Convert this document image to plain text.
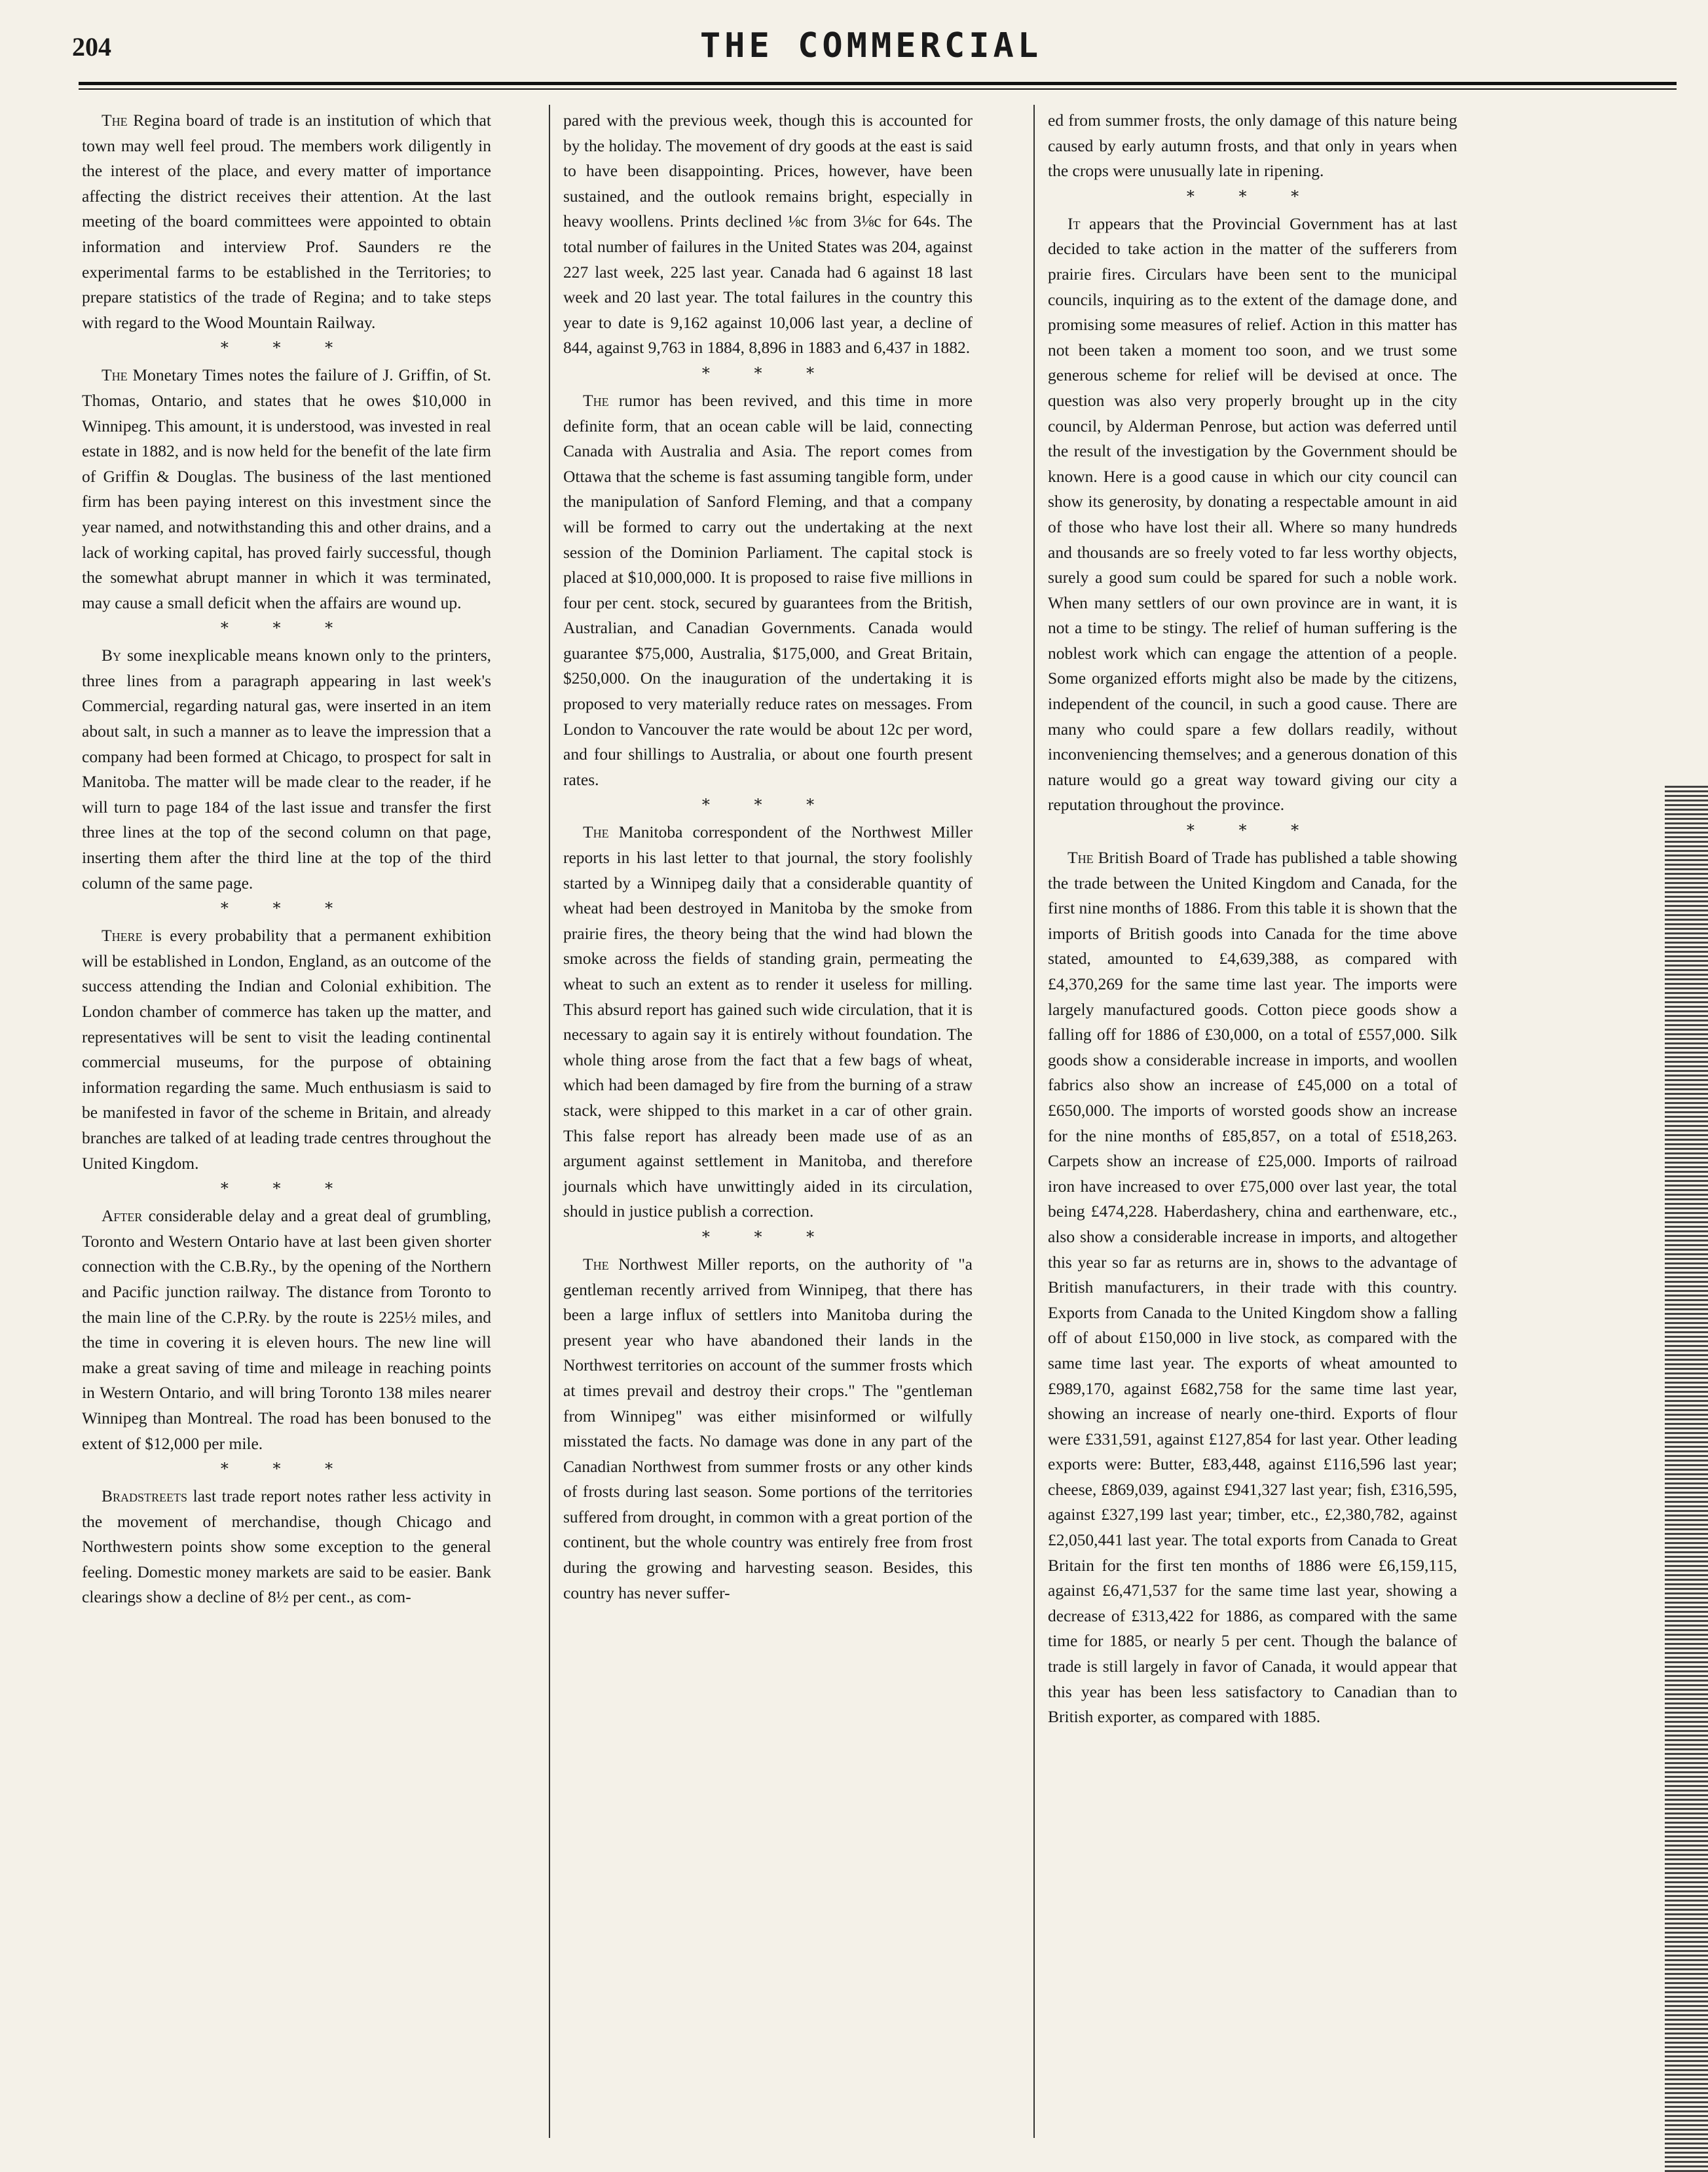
204	THE COMMERCIAL

The Regina board of trade is an institution of which that town may well feel proud. The members work diligently in the interest of the place, and every matter of importance affecting the district receives their attention. At the last meeting of the board committees were appointed to obtain information and interview Prof. Saunders re the experimental farms to be established in the Territories; to prepare statistics of the trade of Regina; and to take steps with regard to the Wood Mountain Railway.

* * *

The Monetary Times notes the failure of J. Griffin, of St. Thomas, Ontario, and states that he owes $10,000 in Winnipeg. This amount, it is understood, was invested in real estate in 1882, and is now held for the benefit of the late firm of Griffin & Douglas. The business of the last mentioned firm has been paying interest on this investment since the year named, and notwithstanding this and other drains, and a lack of working capital, has proved fairly successful, though the somewhat abrupt manner in which it was terminated, may cause a small deficit when the affairs are wound up.

* * *

By some inexplicable means known only to the printers, three lines from a paragraph appearing in last week's Commercial, regarding natural gas, were inserted in an item about salt, in such a manner as to leave the impression that a company had been formed at Chicago, to prospect for salt in Manitoba. The matter will be made clear to the reader, if he will turn to page 184 of the last issue and transfer the first three lines at the top of the second column on that page, inserting them after the third line at the top of the third column of the same page.

* * *

There is every probability that a permanent exhibition will be established in London, England, as an outcome of the success attending the Indian and Colonial exhibition. The London chamber of commerce has taken up the matter, and representatives will be sent to visit the leading continental commercial museums, for the purpose of obtaining information regarding the same. Much enthusiasm is said to be manifested in favor of the scheme in Britain, and already branches are talked of at leading trade centres throughout the United Kingdom.

* * *

After considerable delay and a great deal of grumbling, Toronto and Western Ontario have at last been given shorter connection with the C.B.Ry., by the opening of the Northern and Pacific junction railway. The distance from Toronto to the main line of the C.P.Ry. by the route is 225½ miles, and the time in covering it is eleven hours. The new line will make a great saving of time and mileage in reaching points in Western Ontario, and will bring Toronto 138 miles nearer Winnipeg than Montreal. The road has been bonused to the extent of $12,000 per mile.

* * *

Bradstreets last trade report notes rather less activity in the movement of merchandise, though Chicago and Northwestern points show some exception to the general feeling. Domestic money markets are said to be easier. Bank clearings show a decline of 8½ per cent., as com-

pared with the previous week, though this is accounted for by the holiday. The movement of dry goods at the east is said to have been disappointing. Prices, however, have been sustained, and the outlook remains bright, especially in heavy woollens. Prints declined ⅛c from 3⅛c for 64s. The total number of failures in the United States was 204, against 227 last week, 225 last year. Canada had 6 against 18 last week and 20 last year. The total failures in the country this year to date is 9,162 against 10,006 last year, a decline of 844, against 9,763 in 1884, 8,896 in 1883 and 6,437 in 1882.

* * *

The rumor has been revived, and this time in more definite form, that an ocean cable will be laid, connecting Canada with Australia and Asia. The report comes from Ottawa that the scheme is fast assuming tangible form, under the manipulation of Sanford Fleming, and that a company will be formed to carry out the undertaking at the next session of the Dominion Parliament. The capital stock is placed at $10,000,000. It is proposed to raise five millions in four per cent. stock, secured by guarantees from the British, Australian, and Canadian Governments. Canada would guarantee $75,000, Australia, $175,000, and Great Britain, $250,000. On the inauguration of the undertaking it is proposed to very materially reduce rates on messages. From London to Vancouver the rate would be about 12c per word, and four shillings to Australia, or about one fourth present rates.

* * *

The Manitoba correspondent of the Northwest Miller reports in his last letter to that journal, the story foolishly started by a Winnipeg daily that a considerable quantity of wheat had been destroyed in Manitoba by the smoke from prairie fires, the theory being that the wind had blown the smoke across the fields of standing grain, permeating the wheat to such an extent as to render it useless for milling. This absurd report has gained such wide circulation, that it is necessary to again say it is entirely without foundation. The whole thing arose from the fact that a few bags of wheat, which had been damaged by fire from the burning of a straw stack, were shipped to this market in a car of other grain. This false report has already been made use of as an argument against settlement in Manitoba, and therefore journals which have unwittingly aided in its circulation, should in justice publish a correction.

* * *

The Northwest Miller reports, on the authority of "a gentleman recently arrived from Winnipeg, that there has been a large influx of settlers into Manitoba during the present year who have abandoned their lands in the Northwest territories on account of the summer frosts which at times prevail and destroy their crops." The "gentleman from Winnipeg" was either misinformed or wilfully misstated the facts. No damage was done in any part of the Canadian Northwest from summer frosts or any other kinds of frosts during last season. Some portions of the territories suffered from drought, in common with a great portion of the continent, but the whole country was entirely free from frost during the growing and harvesting season. Besides, this country has never suffer-

ed from summer frosts, the only damage of this nature being caused by early autumn frosts, and that only in years when the crops were unusually late in ripening.

* * *

It appears that the Provincial Government has at last decided to take action in the matter of the sufferers from prairie fires. Circulars have been sent to the municipal councils, inquiring as to the extent of the damage done, and promising some measures of relief. Action in this matter has not been taken a moment too soon, and we trust some generous scheme for relief will be devised at once. The question was also very properly brought up in the city council, by Alderman Penrose, but action was deferred until the result of the investigation by the Government should be known. Here is a good cause in which our city council can show its generosity, by donating a respectable amount in aid of those who have lost their all. Where so many hundreds and thousands are so freely voted to far less worthy objects, surely a good sum could be spared for such a noble work. When many settlers of our own province are in want, it is not a time to be stingy. The relief of human suffering is the noblest work which can engage the attention of a people. Some organized efforts might also be made by the citizens, independent of the council, in such a good cause. There are many who could spare a few dollars readily, without inconveniencing themselves; and a generous donation of this nature would go a great way toward giving our city a reputation throughout the province.

* * *

The British Board of Trade has published a table showing the trade between the United Kingdom and Canada, for the first nine months of 1886. From this table it is shown that the imports of British goods into Canada for the time above stated, amounted to £4,639,388, as compared with £4,370,269 for the same time last year. The imports were largely manufactured goods. Cotton piece goods show a falling off for 1886 of £30,000, on a total of £557,000. Silk goods show a considerable increase in imports, and woollen fabrics also show an increase of £45,000 on a total of £650,000. The imports of worsted goods show an increase for the nine months of £85,857, on a total of £518,263. Carpets show an increase of £25,000. Imports of railroad iron have increased to over £75,000 over last year, the total being £474,228. Haberdashery, china and earthenware, etc., also show a considerable increase in imports, and altogether this year so far as returns are in, shows to the advantage of British manufacturers, in their trade with this country. Exports from Canada to the United Kingdom show a falling off of about £150,000 in live stock, as compared with the same time last year. The exports of wheat amounted to £989,170, against £682,758 for the same time last year, showing an increase of nearly one-third. Exports of flour were £331,591, against £127,854 for last year. Other leading exports were: Butter, £83,448, against £116,596 last year; cheese, £869,039, against £941,327 last year; fish, £316,595, against £327,199 last year; timber, etc., £2,380,782, against £2,050,441 last year. The total exports from Canada to Great Britain for the first ten months of 1886 were £6,159,115, against £6,471,537 for the same time last year, showing a decrease of £313,422 for 1886, as compared with the same time for 1885, or nearly 5 per cent. Though the balance of trade is still largely in favor of Canada, it would appear that this year has been less satisfactory to Canadian than to British exporter, as compared with 1885.
